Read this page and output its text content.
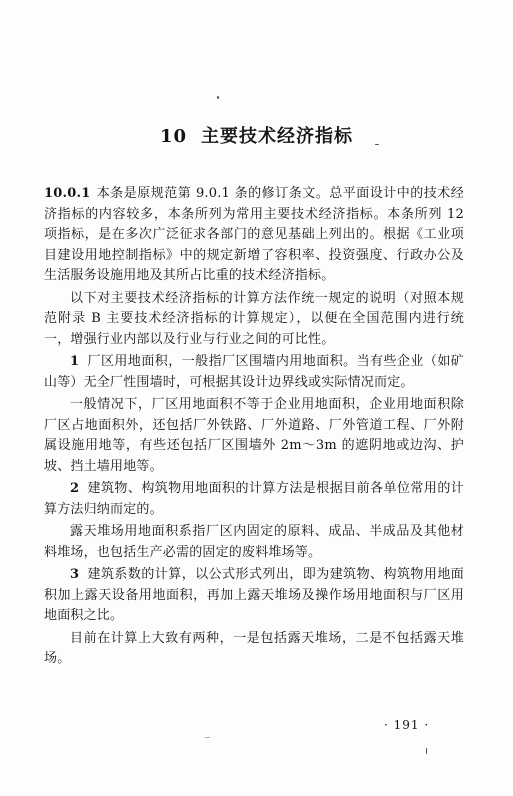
10 主要技术经济指标

10.0.1 本条是原规范第 9.0.1 条的修订条文。总平面设计中的技术经济指标的内容较多，本条所列为常用主要技术经济指标。本条所列 12 项指标，是在多次广泛征求各部门的意见基础上列出的。根据《工业项目建设用地控制指标》中的规定新增了容积率、投资强度、行政办公及生活服务设施用地及其所占比重的技术经济指标。

以下对主要技术经济指标的计算方法作统一规定的说明（对照本规范附录 B 主要技术经济指标的计算规定），以便在全国范围内进行统一，增强行业内部以及行业与行业之间的可比性。

1 厂区用地面积，一般指厂区围墙内用地面积。当有些企业（如矿山等）无全厂性围墙时，可根据其设计边界线或实际情况而定。

一般情况下，厂区用地面积不等于企业用地面积，企业用地面积除厂区占地面积外，还包括厂外铁路、厂外道路、厂外管道工程、厂外附属设施用地等，有些还包括厂区围墙外 2m～3m 的遮阴地或边沟、护坡、挡土墙用地等。

2 建筑物、构筑物用地面积的计算方法是根据目前各单位常用的计算方法归纳而定的。

露天堆场用地面积系指厂区内固定的原料、成品、半成品及其他材料堆场，也包括生产必需的固定的废料堆场等。

3 建筑系数的计算，以公式形式列出，即为建筑物、构筑物用地面积加上露天设备用地面积，再加上露天堆场及操作场用地面积与厂区用地面积之比。

目前在计算上大致有两种，一是包括露天堆场，二是不包括露天堆场。

· 191 ·
